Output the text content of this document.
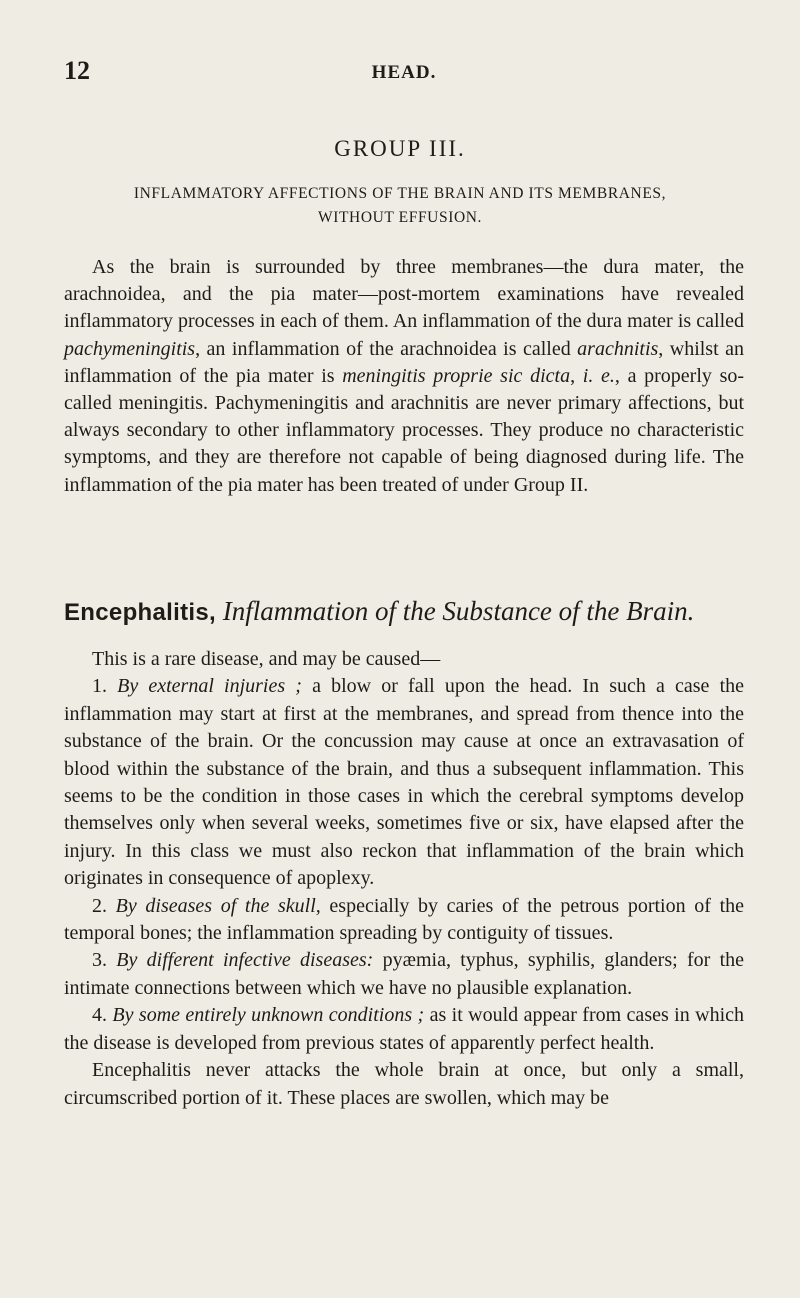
12	HEAD.
GROUP III.
INFLAMMATORY AFFECTIONS OF THE BRAIN AND ITS MEMBRANES,
WITHOUT EFFUSION.

As the brain is surrounded by three membranes—the dura mater, the arachnoidea, and the pia mater—post-mortem examinations have revealed inflammatory processes in each of them. An inflammation of the dura mater is called pachymeningitis, an inflammation of the arachnoidea is called arachnitis, whilst an inflammation of the pia mater is meningitis proprie sic dicta, i. e., a properly so-called meningitis. Pachymeningitis and arachnitis are never primary affections, but always secondary to other inflammatory processes. They produce no characteristic symptoms, and they are therefore not capable of being diagnosed during life. The inflammation of the pia mater has been treated of under Group II.

Encephalitis, Inflammation of the Substance of the Brain.

This is a rare disease, and may be caused—

1. By external injuries ; a blow or fall upon the head. In such a case the inflammation may start at first at the membranes, and spread from thence into the substance of the brain. Or the concussion may cause at once an extravasation of blood within the substance of the brain, and thus a subsequent inflammation. This seems to be the condition in those cases in which the cerebral symptoms develop themselves only when several weeks, sometimes five or six, have elapsed after the injury. In this class we must also reckon that inflammation of the brain which originates in consequence of apoplexy.

2. By diseases of the skull, especially by caries of the petrous portion of the temporal bones; the inflammation spreading by contiguity of tissues.

3. By different infective diseases: pyæmia, typhus, syphilis, glanders; for the intimate connections between which we have no plausible explanation.

4. By some entirely unknown conditions ; as it would appear from cases in which the disease is developed from previous states of apparently perfect health.

Encephalitis never attacks the whole brain at once, but only a small, circumscribed portion of it. These places are swollen, which may be
